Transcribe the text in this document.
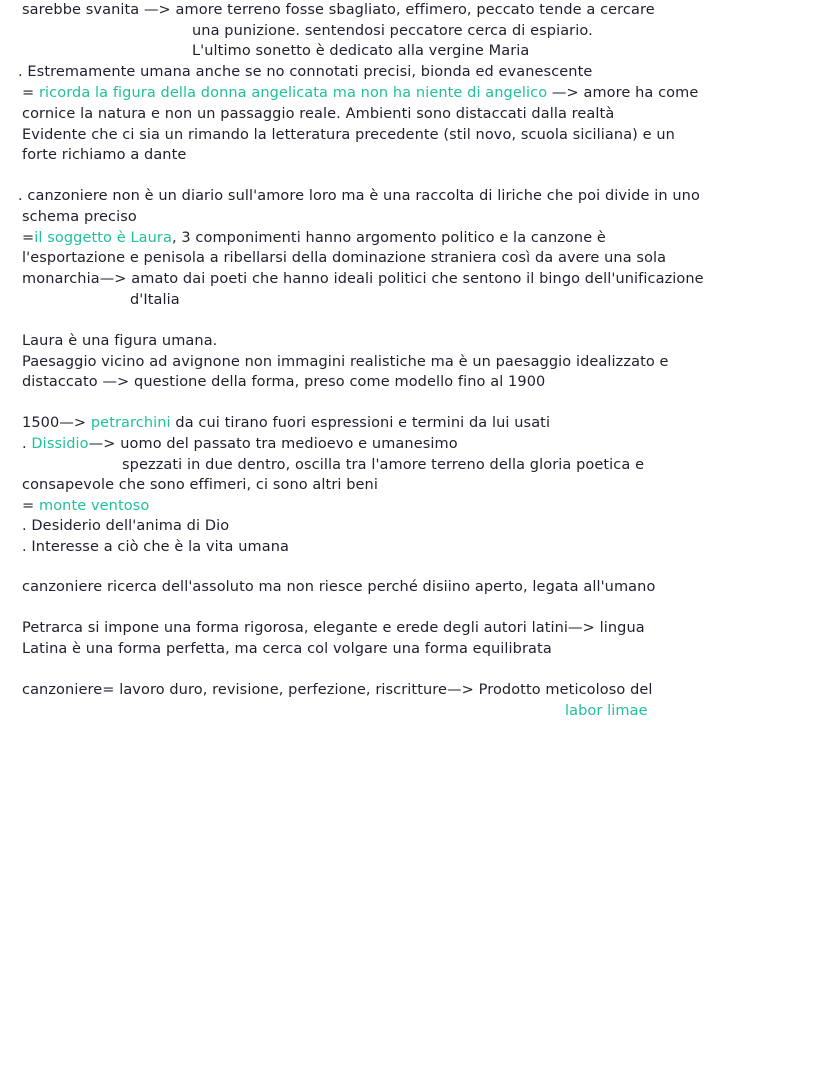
sarebbe svanita —> amore terreno fosse sbagliato, effimero, peccato tende a cercare
una punizione. sentendosi peccatore cerca di espiario.
L'ultimo sonetto è dedicato alla vergine Maria
. Estremamente umana anche se no connotati precisi, bionda ed evanescente
= ricorda la figura della donna angelicata ma non ha niente di angelico —> amore ha come
cornice la natura e non un passaggio reale. Ambienti sono distaccati dalla realtà
Evidente che ci sia un rimando la letteratura precedente (stil novo, scuola siciliana) e un
forte richiamo a dante
. canzoniere non è un diario sull'amore loro ma è una raccolta di liriche che poi divide in uno
schema preciso
=il soggetto è Laura, 3 componimenti hanno argomento politico e la canzone è
l'esportazione e penisola a ribellarsi della dominazione straniera così da avere una sola
monarchia—> amato dai poeti che hanno ideali politici che sentono il bingo dell'unificazione
d'Italia
Laura è una figura umana.
Paesaggio vicino ad avignone non immagini realistiche ma è un paesaggio idealizzato e
distaccato —> questione della forma, preso come modello fino al 1900
1500—> petrarchini da cui tirano fuori espressioni e termini da lui usati
. Dissidio—> uomo del passato tra medioevo e umanesimo
spezzati in due dentro, oscilla tra l'amore terreno della gloria poetica e
consapevole che sono effimeri, ci sono altri beni
= monte ventoso
. Desiderio dell'anima di Dio
. Interesse a ciò che è la vita umana
canzoniere ricerca dell'assoluto ma non riesce perché disiino aperto, legata all'umano
Petrarca si impone una forma rigorosa, elegante e erede degli autori latini—> lingua
Latina è una forma perfetta, ma cerca col volgare una forma equilibrata
canzoniere= lavoro duro, revisione, perfezione, riscritture—> Prodotto meticoloso del
labor limae
